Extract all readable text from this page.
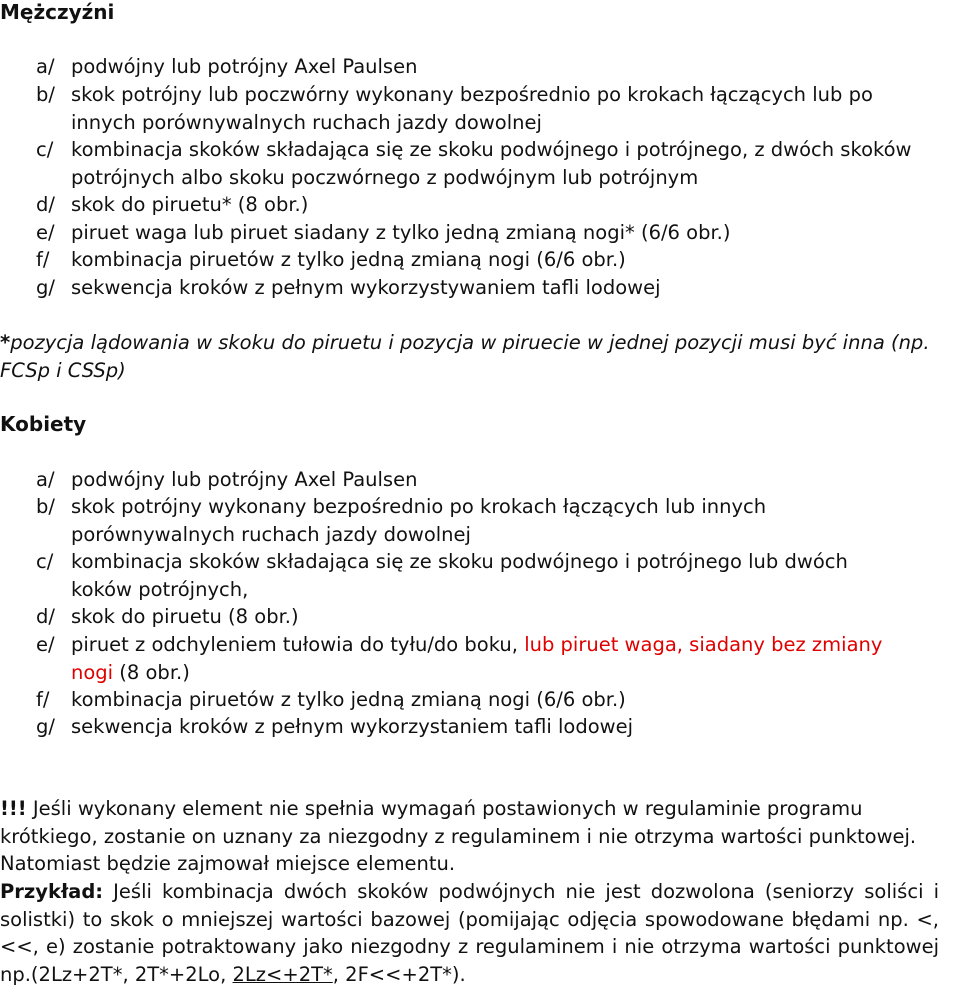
Mężczyźni
a/ podwójny lub potrójny Axel Paulsen
b/ skok potrójny lub poczwórny wykonany bezpośrednio po krokach łączących lub po innych porównywalnych ruchach jazdy dowolnej
c/ kombinacja skoków składająca się ze skoku podwójnego i potrójnego, z dwóch skoków potrójnych albo skoku poczwórnego z podwójnym lub potrójnym
d/ skok do piruetu* (8 obr.)
e/ piruet waga lub piruet siadany z tylko jedną zmianą nogi* (6/6 obr.)
f/ kombinacja piruetów z tylko jedną zmianą nogi (6/6 obr.)
g/ sekwencja kroków z pełnym wykorzystywaniem tafli lodowej
*pozycja lądowania w skoku do piruetu i pozycja w piruecie w jednej pozycji musi być inna (np. FCSp i CSSp)
Kobiety
a/ podwójny lub potrójny Axel Paulsen
b/ skok potrójny wykonany bezpośrednio po krokach łączących lub innych porównywalnych ruchach jazdy dowolnej
c/ kombinacja skoków składająca się ze skoku podwójnego i potrójnego lub dwóch koków potrójnych,
d/ skok do piruetu (8 obr.)
e/ piruet z odchyleniem tułowia do tyłu/do boku, lub piruet waga, siadany bez zmiany nogi (8 obr.)
f/ kombinacja piruetów z tylko jedną zmianą nogi (6/6 obr.)
g/ sekwencja kroków z pełnym wykorzystaniem tafli lodowej
!!! Jeśli wykonany element nie spełnia wymagań postawionych w regulaminie programu krótkiego, zostanie on uznany za niezgodny z regulaminem i nie otrzyma wartości punktowej. Natomiast będzie zajmował miejsce elementu.
Przykład: Jeśli kombinacja dwóch skoków podwójnych nie jest dozwolona (seniorzy soliści i solistki) to skok o mniejszej wartości bazowej (pomijając odjęcia spowodowane błędami np. <, <<, e) zostanie potraktowany jako niezgodny z regulaminem i nie otrzyma wartości punktowej np.(2Lz+2T*, 2T*+2Lo, 2Lz<+2T*, 2F<<+2T*).
